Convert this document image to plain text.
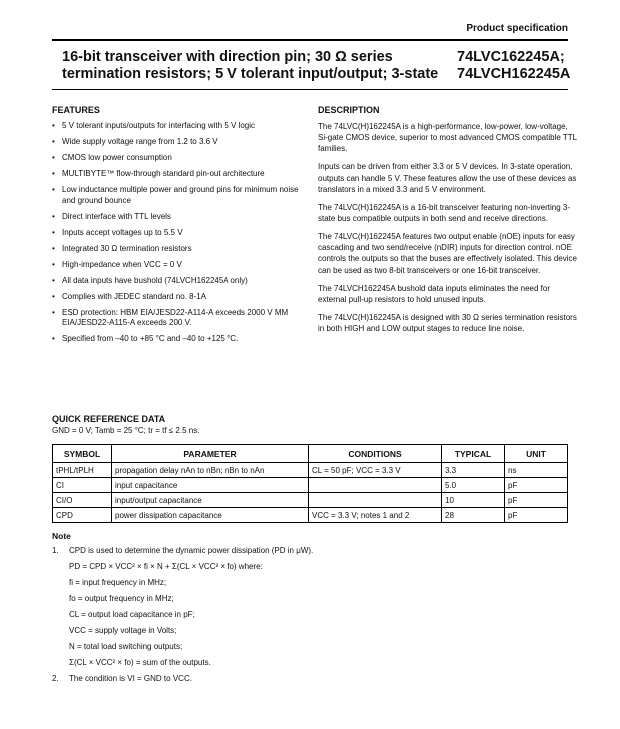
Product specification
16-bit transceiver with direction pin; 30 Ω series
termination resistors; 5 V tolerant input/output; 3-state
74LVC162245A;
74LVCH162245A
FEATURES
• 5 V tolerant inputs/outputs for interfacing with 5 V logic
• Wide supply voltage range from 1.2 to 3.6 V
• CMOS low power consumption
• MULTIBYTE™ flow-through standard pin-out architecture
• Low inductance multiple power and ground pins for minimum noise and ground bounce
• Direct interface with TTL levels
• Inputs accept voltages up to 5.5 V
• Integrated 30 Ω termination resistors
• High-impedance when VCC = 0 V
• All data inputs have bushold (74LVCH162245A only)
• Complies with JEDEC standard no. 8-1A
• ESD protection: HBM EIA/JESD22-A114-A exceeds 2000 V MM EIA/JESD22-A115-A exceeds 200 V.
• Specified from –40 to +85 °C and –40 to +125 °C.
DESCRIPTION

The 74LVC(H)162245A is a high-performance, low-power, low-voltage, Si-gate CMOS device, superior to most advanced CMOS compatible TTL families.

Inputs can be driven from either 3.3 or 5 V devices. In 3-state operation, outputs can handle 5 V. These features allow the use of these devices as translators in a mixed 3.3 and 5 V environment.

The 74LVC(H)162245A is a 16-bit transceiver featuring non-inverting 3-state bus compatible outputs in both send and receive directions.

The 74LVC(H)162245A features two output enable (nOE) inputs for easy cascading and two send/receive (nDIR) inputs for direction control. nOE controls the outputs so that the buses are effectively isolated. This device can be used as two 8-bit transceivers or one 16-bit transceiver.

The 74LVCH162245A bushold data inputs eliminates the need for external pull-up resistors to hold unused inputs.

The 74LVC(H)162245A is designed with 30 Ω series termination resistors in both HIGH and LOW output stages to reduce line noise.

QUICK REFERENCE DATA
GND = 0 V; Tamb = 25 °C; tr = tf ≤ 2.5 ns.
SYMBOL	PARAMETER	CONDITIONS	TYPICAL	UNIT
tPHL/tPLH	propagation delay nAn to nBn; nBn to nAn	CL = 50 pF; VCC = 3.3 V	3.3	ns
CI	input capacitance		5.0	pF
CI/O	input/output capacitance		10	pF
CPD	power dissipation capacitance	VCC = 3.3 V; notes 1 and 2	28	pF
Note
1. CPD is used to determine the dynamic power dissipation (PD in μW).
PD = CPD × VCC² × fi × N + Σ(CL × VCC² × fo) where:
fi = input frequency in MHz;
fo = output frequency in MHz;
CL = output load capacitance in pF;
VCC = supply voltage in Volts;
N = total load switching outputs;
Σ(CL × VCC² × fo) = sum of the outputs.
2. The condition is VI = GND to VCC.
